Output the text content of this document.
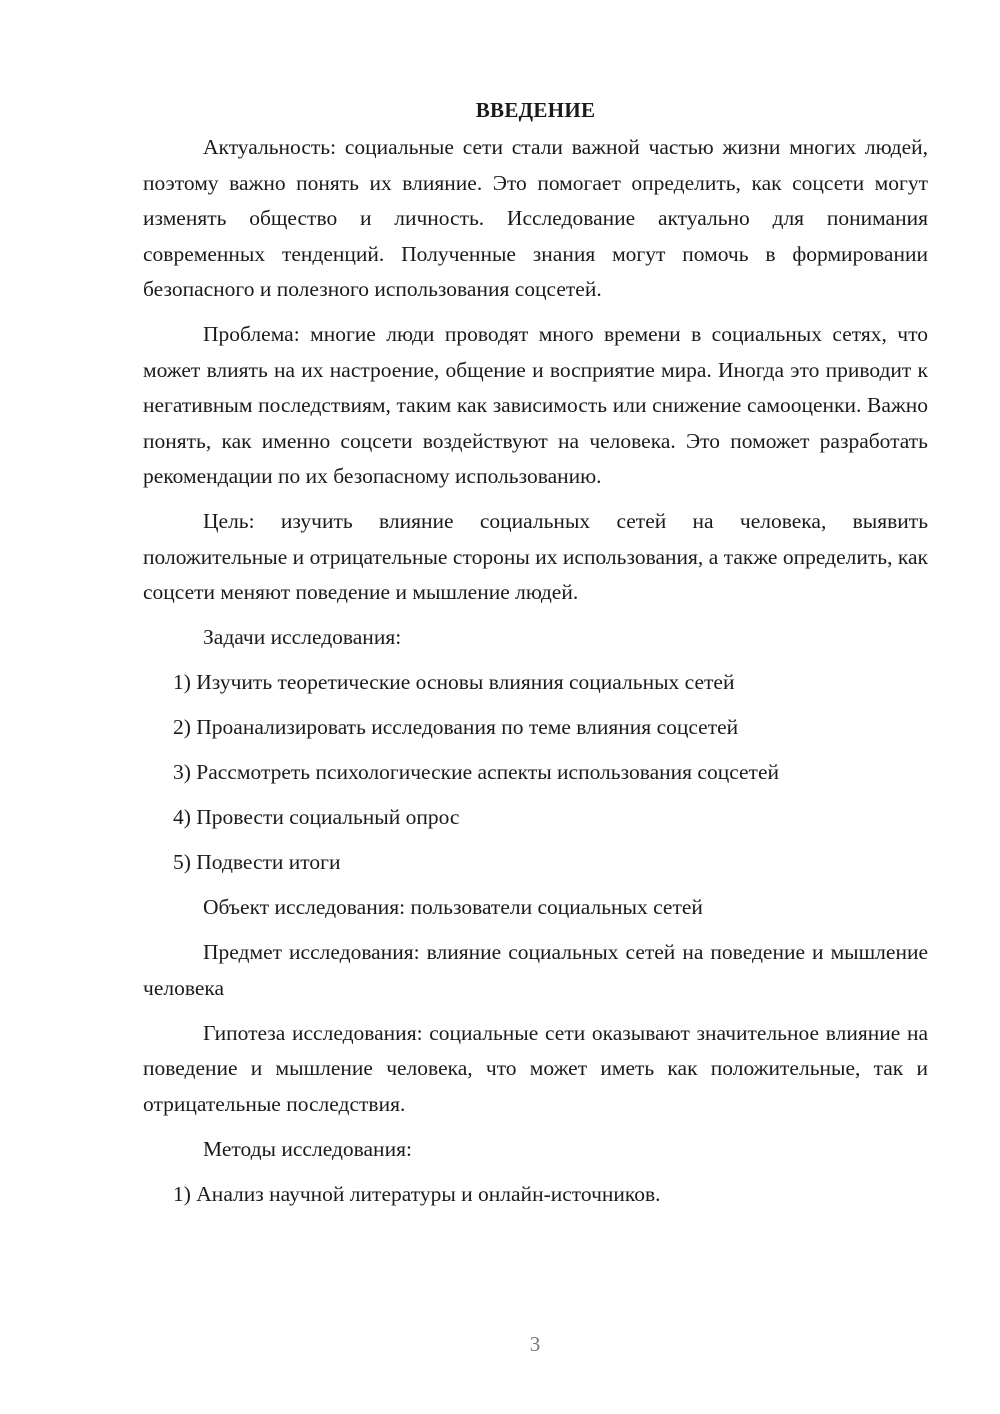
ВВЕДЕНИЕ

Актуальность: социальные сети стали важной частью жизни многих людей, поэтому важно понять их влияние. Это помогает определить, как соцсети могут изменять общество и личность. Исследование актуально для понимания современных тенденций. Полученные знания могут помочь в формировании безопасного и полезного использования соцсетей.

Проблема: многие люди проводят много времени в социальных сетях, что может влиять на их настроение, общение и восприятие мира. Иногда это приводит к негативным последствиям, таким как зависимость или снижение самооценки. Важно понять, как именно соцсети воздействуют на человека. Это поможет разработать рекомендации по их безопасному использованию.

Цель: изучить влияние социальных сетей на человека, выявить положительные и отрицательные стороны их использования, а также определить, как соцсети меняют поведение и мышление людей.

Задачи исследования:

1) Изучить теоретические основы влияния социальных сетей

2) Проанализировать исследования по теме влияния соцсетей

3) Рассмотреть психологические аспекты использования соцсетей

4) Провести социальный опрос

5) Подвести итоги

Объект исследования: пользователи социальных сетей

Предмет исследования: влияние социальных сетей на поведение и мышление человека

Гипотеза исследования: социальные сети оказывают значительное влияние на поведение и мышление человека, что может иметь как положительные, так и отрицательные последствия.

Методы исследования:

1) Анализ научной литературы и онлайн-источников.

3
